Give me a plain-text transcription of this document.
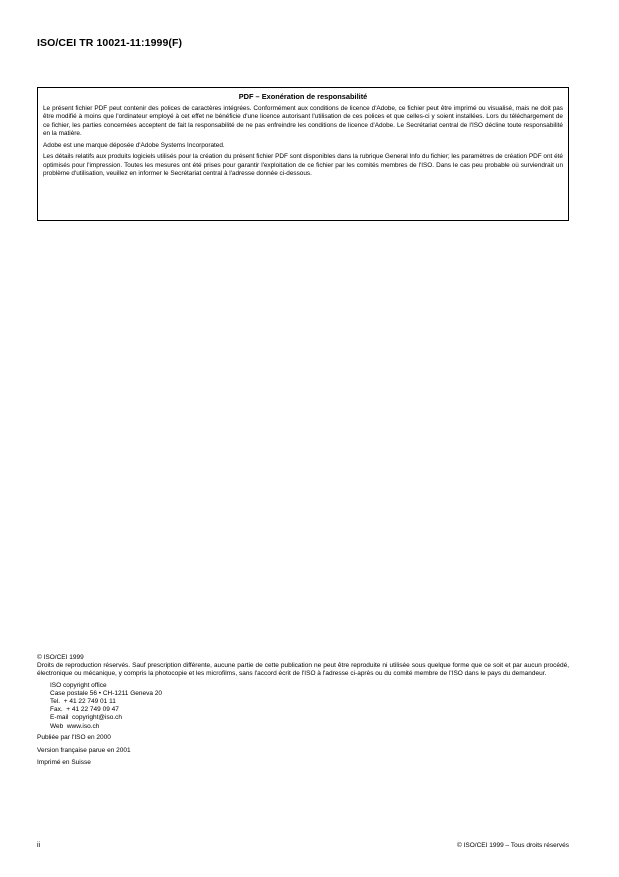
ISO/CEI TR 10021-11:1999(F)
PDF – Exonération de responsabilité

Le présent fichier PDF peut contenir des polices de caractères intégrées. Conformément aux conditions de licence d'Adobe, ce fichier peut être imprimé ou visualisé, mais ne doit pas être modifié à moins que l'ordinateur employé à cet effet ne bénéficie d'une licence autorisant l'utilisation de ces polices et que celles-ci y soient installées. Lors du téléchargement de ce fichier, les parties concernées acceptent de fait la responsabilité de ne pas enfreindre les conditions de licence d'Adobe. Le Secrétariat central de l'ISO décline toute responsabilité en la matière.

Adobe est une marque déposée d'Adobe Systems Incorporated.

Les détails relatifs aux produits logiciels utilisés pour la création du présent fichier PDF sont disponibles dans la rubrique General Info du fichier; les paramètres de création PDF ont été optimisés pour l'impression. Toutes les mesures ont été prises pour garantir l'exploitation de ce fichier par les comités membres de l'ISO. Dans le cas peu probable où surviendrait un problème d'utilisation, veuillez en informer le Secrétariat central à l'adresse donnée ci-dessous.

© ISO/CEI 1999

Droits de reproduction réservés. Sauf prescription différente, aucune partie de cette publication ne peut être reproduite ni utilisée sous quelque forme que ce soit et par aucun procédé, électronique ou mécanique, y compris la photocopie et les microfilms, sans l'accord écrit de l'ISO à l'adresse ci-après ou du comité membre de l'ISO dans le pays du demandeur.

ISO copyright office

Case postale 56 • CH-1211 Geneva 20

Tel.  + 41 22 749 01 11

Fax.  + 41 22 749 09 47

E-mail  copyright@iso.ch

Web  www.iso.ch

Publiée par l'ISO en 2000

Version française parue en 2001

Imprimé en Suisse

ii	© ISO/CEI 1999 – Tous droits réservés
